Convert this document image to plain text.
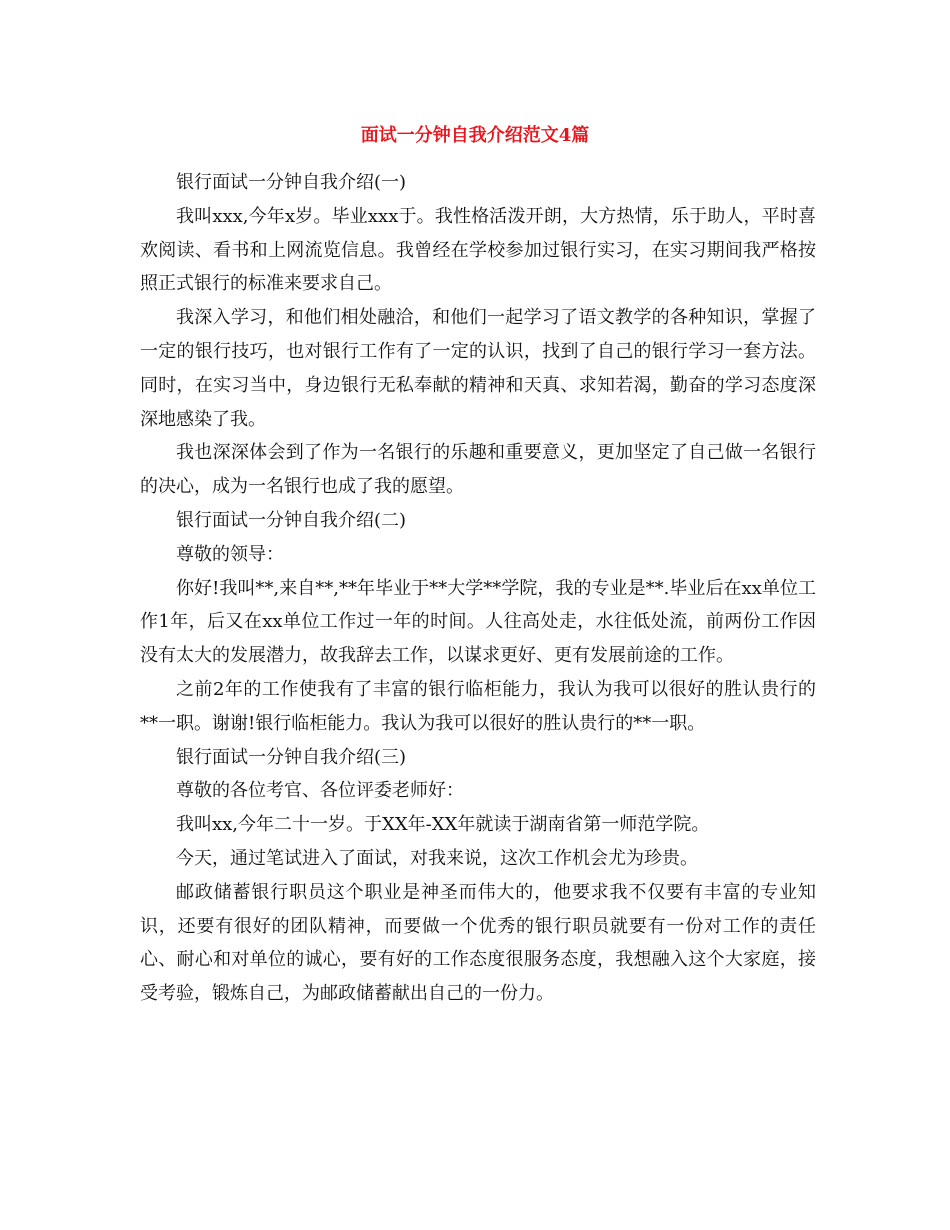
面试一分钟自我介绍范文4篇

银行面试一分钟自我介绍(一)

我叫xxx,今年x岁。毕业xxx于。我性格活泼开朗，大方热情，乐于助人，平时喜欢阅读、看书和上网流览信息。我曾经在学校参加过银行实习，在实习期间我严格按照正式银行的标准来要求自己。

我深入学习，和他们相处融洽，和他们一起学习了语文教学的各种知识，掌握了一定的银行技巧，也对银行工作有了一定的认识，找到了自己的银行学习一套方法。同时，在实习当中，身边银行无私奉献的精神和天真、求知若渴，勤奋的学习态度深深地感染了我。

我也深深体会到了作为一名银行的乐趣和重要意义，更加坚定了自己做一名银行的决心，成为一名银行也成了我的愿望。

银行面试一分钟自我介绍(二)

尊敬的领导：

你好!我叫**,来自**,**年毕业于**大学**学院，我的专业是**.毕业后在xx单位工作1年，后又在xx单位工作过一年的时间。人往高处走，水往低处流，前两份工作因没有太大的发展潜力，故我辞去工作，以谋求更好、更有发展前途的工作。

之前2年的工作使我有了丰富的银行临柜能力，我认为我可以很好的胜认贵行的**一职。谢谢!银行临柜能力。我认为我可以很好的胜认贵行的**一职。

银行面试一分钟自我介绍(三)

尊敬的各位考官、各位评委老师好：

我叫xx,今年二十一岁。于XX年-XX年就读于湖南省第一师范学院。

今天，通过笔试进入了面试，对我来说，这次工作机会尤为珍贵。

邮政储蓄银行职员这个职业是神圣而伟大的，他要求我不仅要有丰富的专业知识，还要有很好的团队精神，而要做一个优秀的银行职员就要有一份对工作的责任心、耐心和对单位的诚心，要有好的工作态度很服务态度，我想融入这个大家庭，接受考验，锻炼自己，为邮政储蓄献出自己的一份力。
